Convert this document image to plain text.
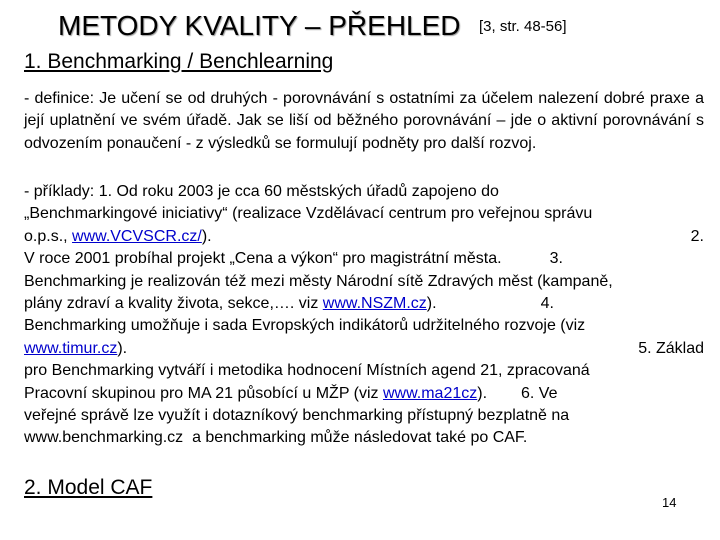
METODY KVALITY – PŘEHLED [3, str. 48-56]
1. Benchmarking / Benchlearning
- definice: Je učení se od druhých - porovnávání s ostatními za účelem nalezení dobré praxe a její uplatnění ve svém úřadě. Jak se liší od běžného porovnávání – jde o aktivní porovnávání s odvozením ponaučení - z výsledků se formulují podněty pro další rozvoj.
- příklady: 1. Od roku 2003 je cca 60 městských úřadů zapojeno do
„Benchmarkingové iniciativy“ (realizace Vzdělávací centrum pro veřejnou správu
o.p.s., www.VCVSCR.cz/).	2.
V roce 2001 probíhal projekt „Cena a výkon“ pro magistrátní města.	3.
Benchmarking je realizován též mezi městy Národní sítě Zdravých měst (kampaně,
plány zdraví a kvality života, sekce,…. viz www.NSZM.cz).	4.
Benchmarking umožňuje i sada Evropských indikátorů udržitelného rozvoje (viz
www.timur.cz).	5. Základ
pro Benchmarking vytváří i metodika hodnocení Místních agend 21, zpracovaná
Pracovní skupinou pro MA 21 působící u MŽP (viz www.ma21cz). 6. Ve
veřejné správě lze využít i dotazníkový benchmarking přístupný bezplatně na
www.benchmarking.cz  a benchmarking může následovat také po CAF.
2. Model CAF
14
